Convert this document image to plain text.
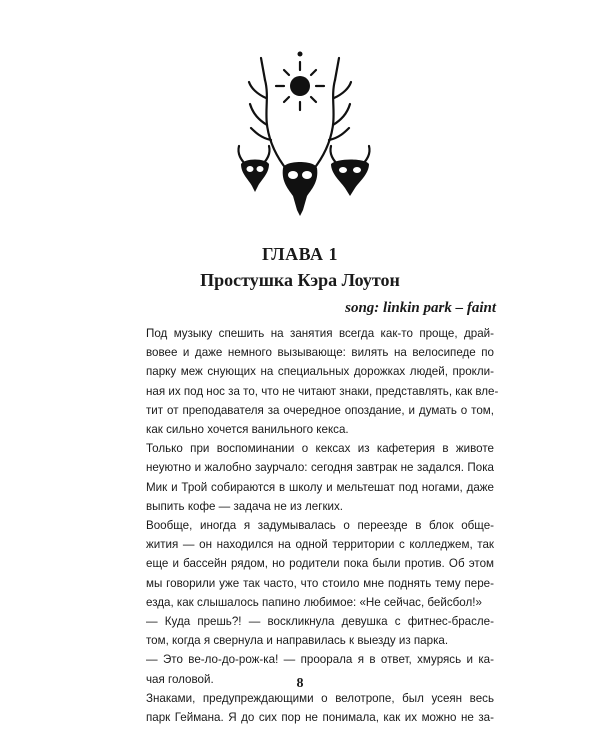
ГЛАВА 1
Простушка Кэра Лоутон
song: linkin park – faint

Под музыку спешить на занятия всегда как-то проще, драй-
вовее и даже немного вызывающе: вилять на велосипеде по
парку меж снующих на специальных дорожках людей, прокли-
ная их под нос за то, что не читают знаки, представлять, как вле-
тит от преподавателя за очередное опоздание, и думать о том,
как сильно хочется ванильного кекса.

Только при воспоминании о кексах из кафетерия в животе
неуютно и жалобно заурчало: сегодня завтрак не задался. Пока
Мик и Трой собираются в школу и мельтешат под ногами, даже
выпить кофе — задача не из легких.

Вообще, иногда я задумывалась о переезде в блок обще-
жития — он находился на одной территории с колледжем, так
еще и бассейн рядом, но родители пока были против. Об этом
мы говорили уже так часто, что стоило мне поднять тему пере-
езда, как слышалось папино любимое: «Не сейчас, бейсбол!»

— Куда прешь?! — воскликнула девушка с фитнес-брасле-
том, когда я свернула и направилась к выезду из парка.

— Это ве-ло-до-рож-ка! — проорала я в ответ, хмурясь и ка-
чая головой.

Знаками, предупреждающими о велотропе, был усеян весь
парк Геймана. Я до сих пор не понимала, как их можно не за-

8
